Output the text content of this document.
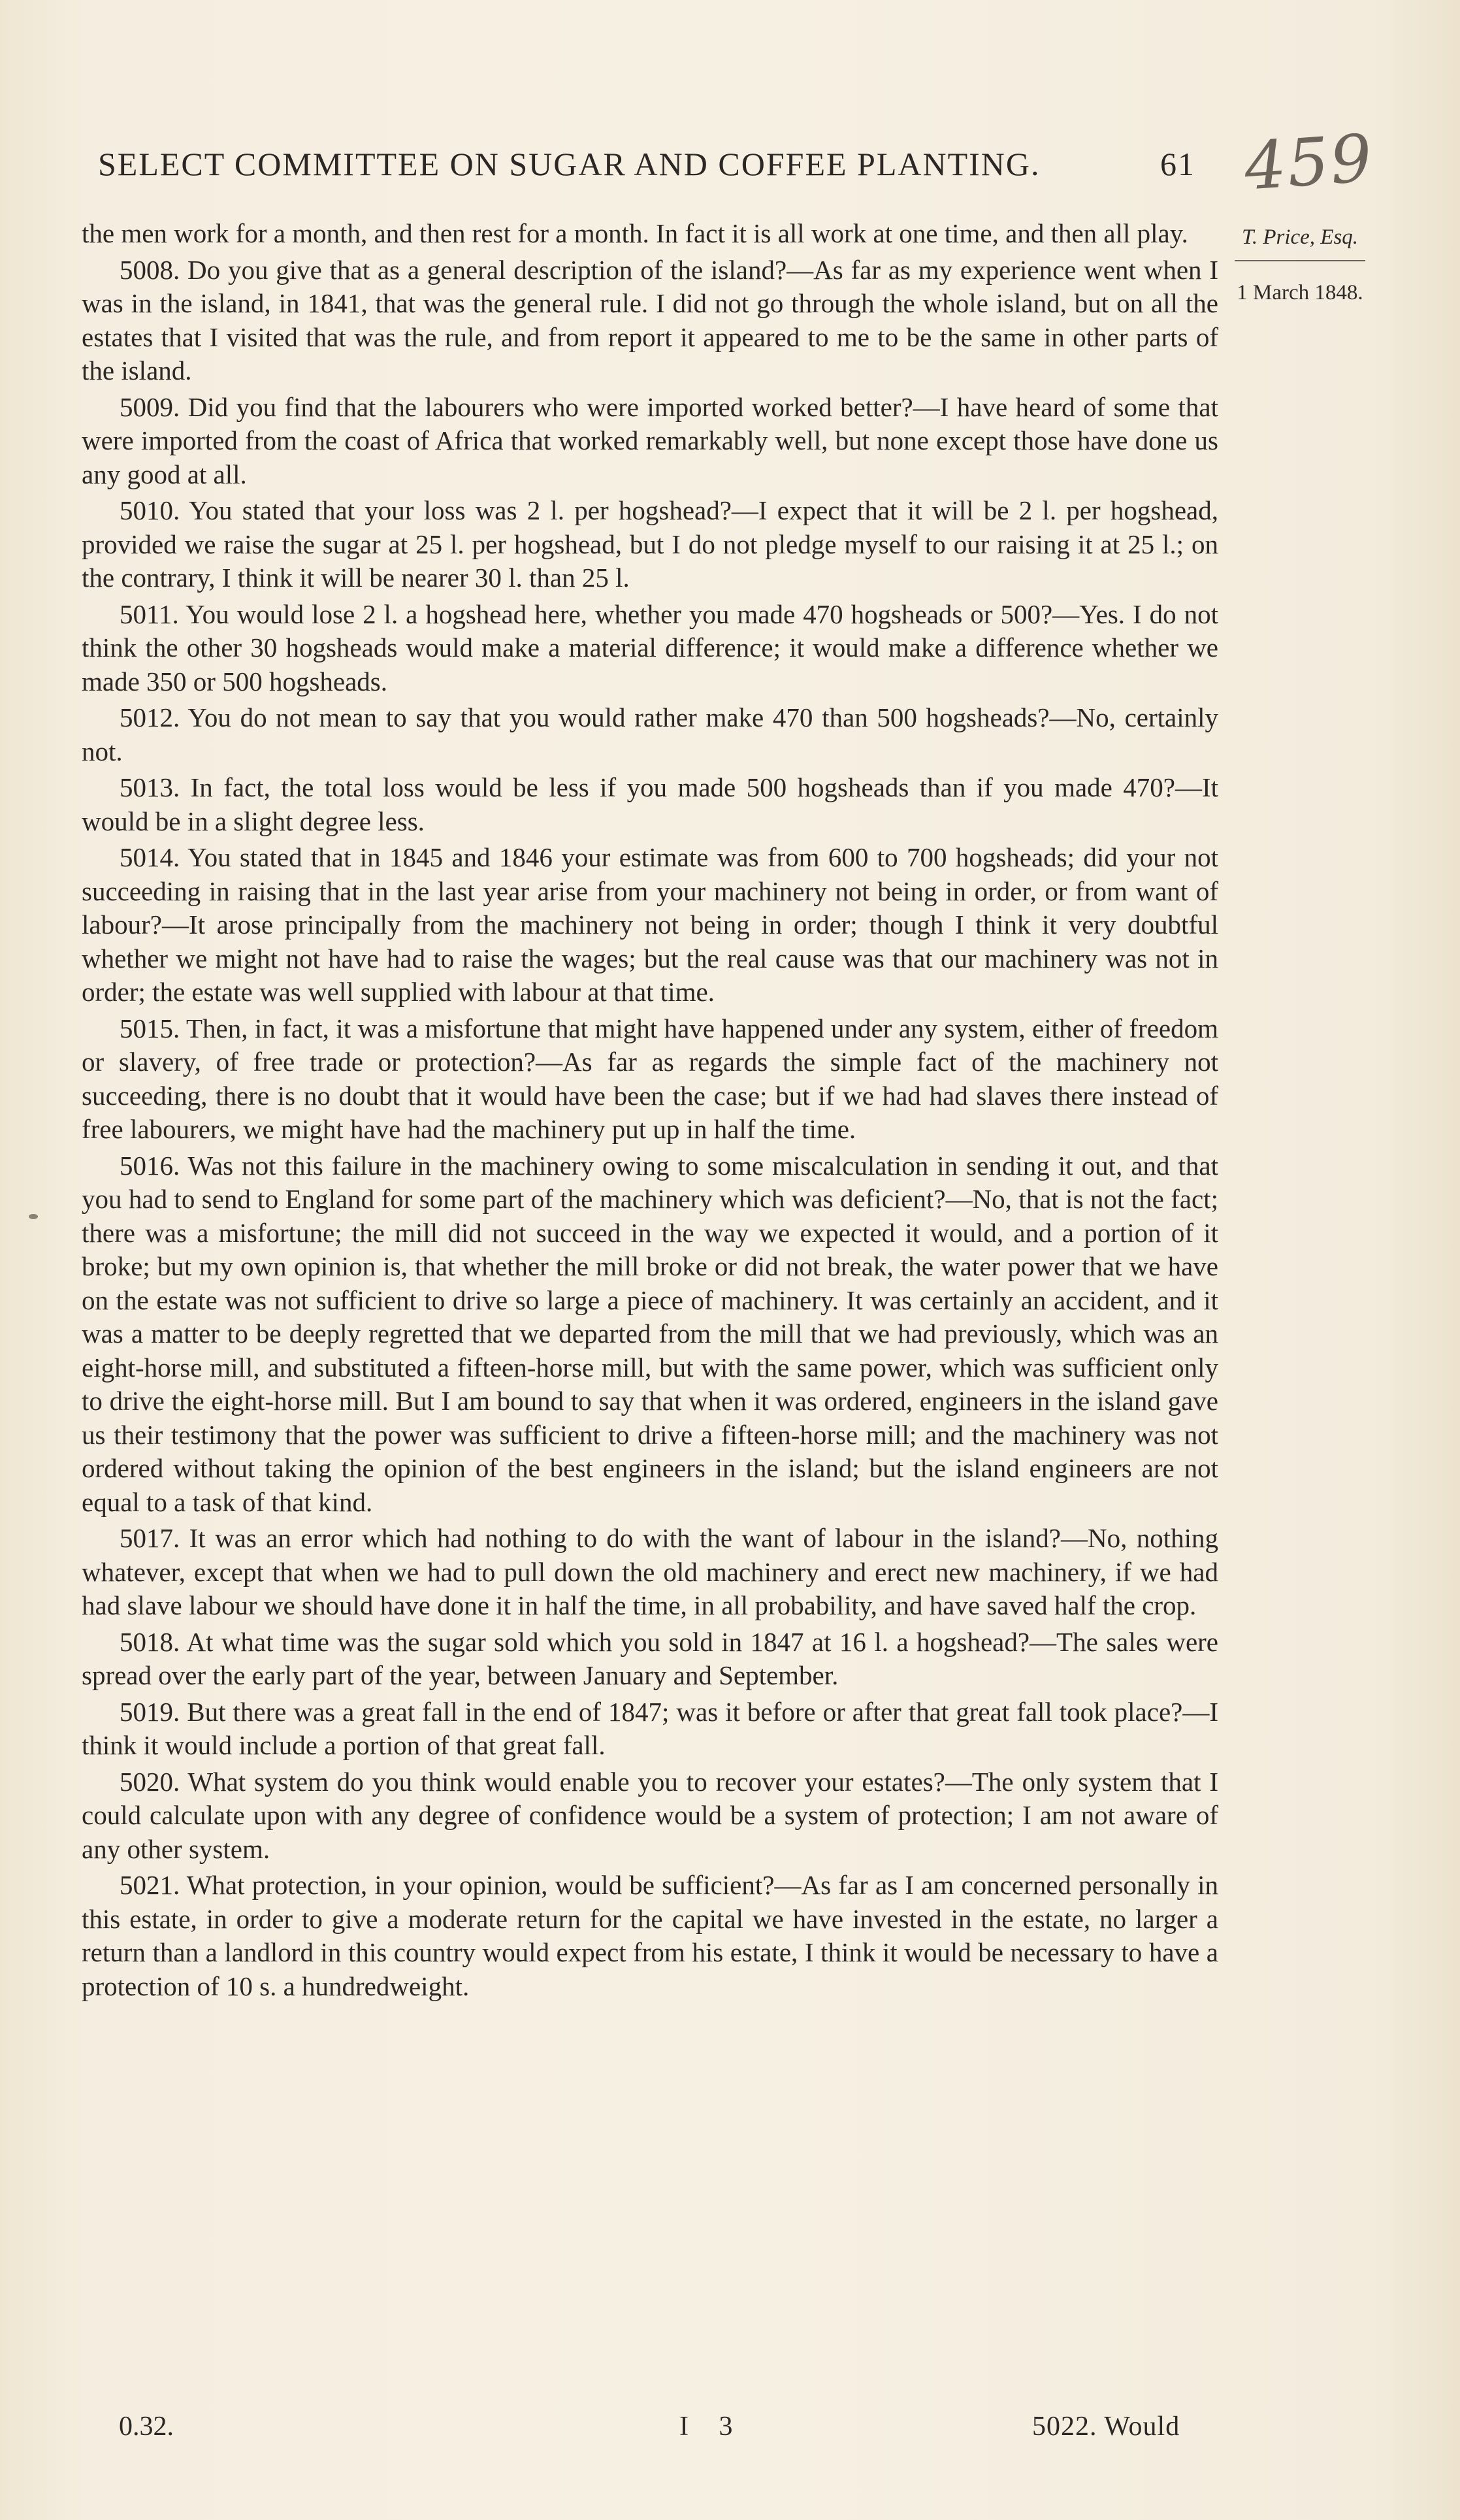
SELECT COMMITTEE ON SUGAR AND COFFEE PLANTING.	61 459
T. Price, Esq.
1 March 1848.

the men work for a month, and then rest for a month. In fact it is all work at one time, and then all play.

5008. Do you give that as a general description of the island?—As far as my experience went when I was in the island, in 1841, that was the general rule. I did not go through the whole island, but on all the estates that I visited that was the rule, and from report it appeared to me to be the same in other parts of the island.

5009. Did you find that the labourers who were imported worked better?—I have heard of some that were imported from the coast of Africa that worked remarkably well, but none except those have done us any good at all.

5010. You stated that your loss was 2 l. per hogshead?—I expect that it will be 2 l. per hogshead, provided we raise the sugar at 25 l. per hogshead, but I do not pledge myself to our raising it at 25 l.; on the contrary, I think it will be nearer 30 l. than 25 l.

5011. You would lose 2 l. a hogshead here, whether you made 470 hogsheads or 500?—Yes. I do not think the other 30 hogsheads would make a material difference; it would make a difference whether we made 350 or 500 hogsheads.

5012. You do not mean to say that you would rather make 470 than 500 hogsheads?—No, certainly not.

5013. In fact, the total loss would be less if you made 500 hogsheads than if you made 470?—It would be in a slight degree less.

5014. You stated that in 1845 and 1846 your estimate was from 600 to 700 hogsheads; did your not succeeding in raising that in the last year arise from your machinery not being in order, or from want of labour?—It arose principally from the machinery not being in order; though I think it very doubtful whether we might not have had to raise the wages; but the real cause was that our machinery was not in order; the estate was well supplied with labour at that time.

5015. Then, in fact, it was a misfortune that might have happened under any system, either of freedom or slavery, of free trade or protection?—As far as regards the simple fact of the machinery not succeeding, there is no doubt that it would have been the case; but if we had had slaves there instead of free labourers, we might have had the machinery put up in half the time.

5016. Was not this failure in the machinery owing to some miscalculation in sending it out, and that you had to send to England for some part of the machinery which was deficient?—No, that is not the fact; there was a misfortune; the mill did not succeed in the way we expected it would, and a portion of it broke; but my own opinion is, that whether the mill broke or did not break, the water power that we have on the estate was not sufficient to drive so large a piece of machinery. It was certainly an accident, and it was a matter to be deeply regretted that we departed from the mill that we had previously, which was an eight-horse mill, and substituted a fifteen-horse mill, but with the same power, which was sufficient only to drive the eight-horse mill. But I am bound to say that when it was ordered, engineers in the island gave us their testimony that the power was sufficient to drive a fifteen-horse mill; and the machinery was not ordered without taking the opinion of the best engineers in the island; but the island engineers are not equal to a task of that kind.

5017. It was an error which had nothing to do with the want of labour in the island?—No, nothing whatever, except that when we had to pull down the old machinery and erect new machinery, if we had had slave labour we should have done it in half the time, in all probability, and have saved half the crop.

5018. At what time was the sugar sold which you sold in 1847 at 16 l. a hogshead?—The sales were spread over the early part of the year, between January and September.

5019. But there was a great fall in the end of 1847; was it before or after that great fall took place?—I think it would include a portion of that great fall.

5020. What system do you think would enable you to recover your estates?—The only system that I could calculate upon with any degree of confidence would be a system of protection; I am not aware of any other system.

5021. What protection, in your opinion, would be sufficient?—As far as I am concerned personally in this estate, in order to give a moderate return for the capital we have invested in the estate, no larger a return than a landlord in this country would expect from his estate, I think it would be necessary to have a protection of 10 s. a hundredweight.

0.32.	I 3	5022. Would
